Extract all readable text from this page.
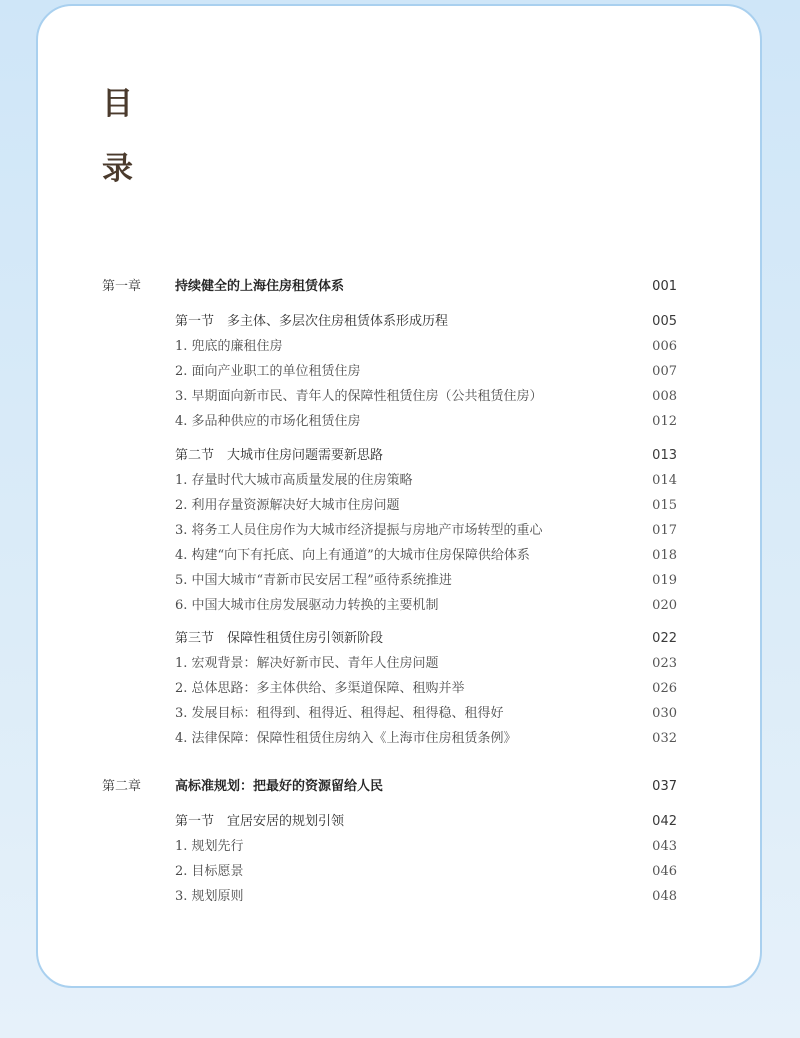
目
录
第一章	持续健全的上海住房租赁体系	001
第一节　多主体、多层次住房租赁体系形成历程	005
1. 兜底的廉租住房	006
2. 面向产业职工的单位租赁住房	007
3. 早期面向新市民、青年人的保障性租赁住房（公共租赁住房）	008
4. 多品种供应的市场化租赁住房	012
第二节　大城市住房问题需要新思路	013
1. 存量时代大城市高质量发展的住房策略	014
2. 利用存量资源解决好大城市住房问题	015
3. 将务工人员住房作为大城市经济提振与房地产市场转型的重心	017
4. 构建“向下有托底、向上有通道”的大城市住房保障供给体系	018
5. 中国大城市“青新市民安居工程”亟待系统推进	019
6. 中国大城市住房发展驱动力转换的主要机制	020
第三节　保障性租赁住房引领新阶段	022
1. 宏观背景：解决好新市民、青年人住房问题	023
2. 总体思路：多主体供给、多渠道保障、租购并举	026
3. 发展目标：租得到、租得近、租得起、租得稳、租得好	030
4. 法律保障：保障性租赁住房纳入《上海市住房租赁条例》	032
第二章	高标准规划：把最好的资源留给人民	037
第一节　宜居安居的规划引领	042
1. 规划先行	043
2. 目标愿景	046
3. 规划原则	048
